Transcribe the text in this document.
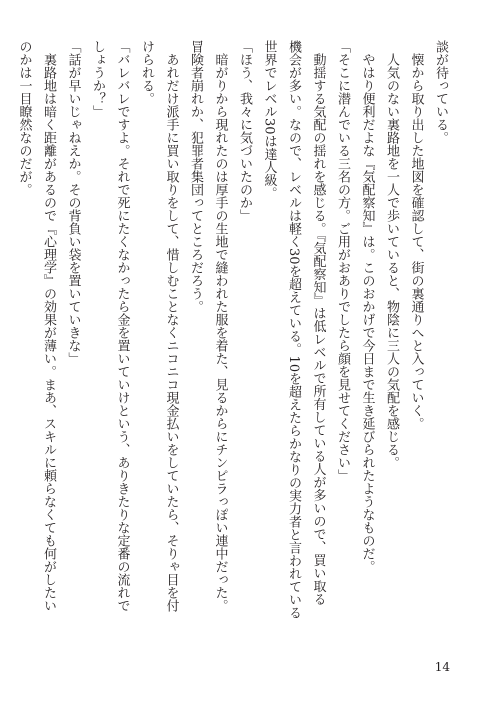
談が待っている。

　懐から取り出した地図を確認して、街の裏通りへと入っていく。

　人気のない裏路地を一人で歩いていると、物陰に三人の気配を感じる。

　やはり便利だよな『気配察知』は。このおかげで今日まで生き延びられたようなものだ。

「そこに潜んでいる三名の方。ご用がおありでしたら顔を見せてください」

　動揺する気配の揺れを感じる。『気配察知』は低レベルで所有している人が多いので、買い取る

機会が多い。なので、レベルは軽く30を超えている。10を超えたらかなりの実力者と言われている

世界でレベル30は達人級。

「ほう、我々に気づいたのか」

　暗がりから現れたのは厚手の生地で縫われた服を着た、見るからにチンピラっぽい連中だった。

冒険者崩れか、犯罪者集団ってところだろう。

　あれだけ派手に買い取りをして、惜しむことなくニコニコ現金払いをしていたら、そりゃ目を付

けられる。

「バレバレですよ。それで死にたくなかったら金を置いていけという、ありきたりな定番の流れで

しょうか？」

「話が早いじゃねえか。その背負い袋を置いていきな」

　裏路地は暗く距離があるので『心理学』の効果が薄い。まあ、スキルに頼らなくても何がしたい

のかは一目瞭然なのだが。

14
